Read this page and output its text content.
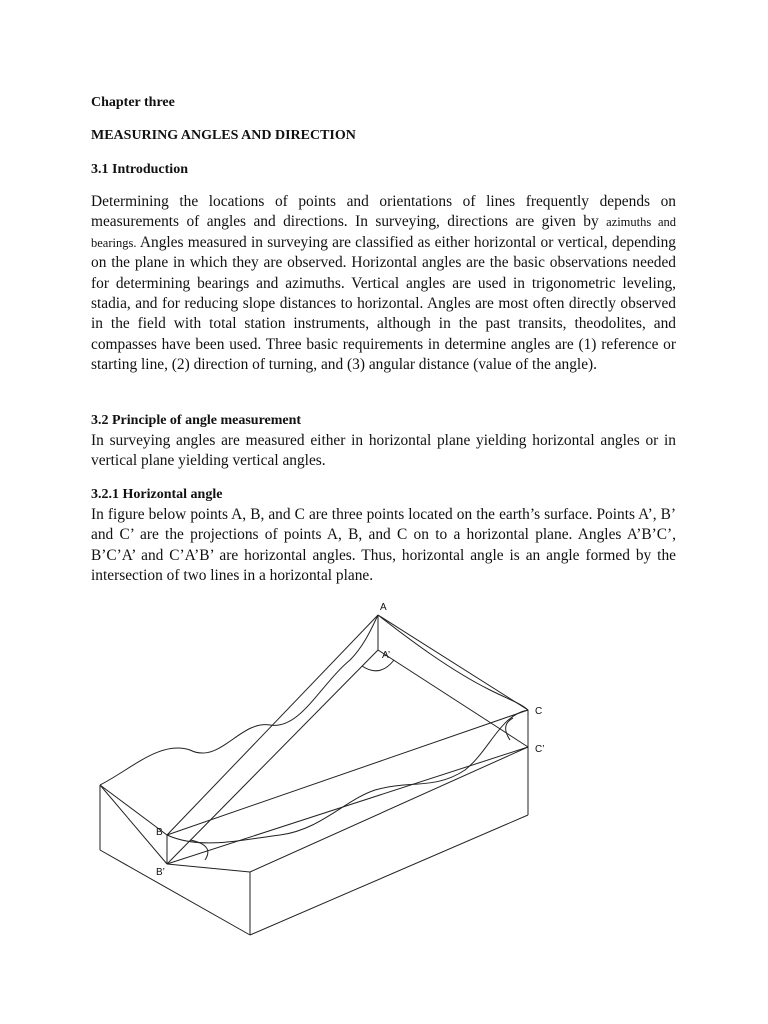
Chapter three

MEASURING ANGLES AND DIRECTION

3.1 Introduction

Determining the locations of points and orientations of lines frequently depends on measurements of angles and directions. In surveying, directions are given by azimuths and bearings. Angles measured in surveying are classified as either horizontal or vertical, depending on the plane in which they are observed. Horizontal angles are the basic observations needed for determining bearings and azimuths. Vertical angles are used in trigonometric leveling, stadia, and for reducing slope distances to horizontal. Angles are most often directly observed in the field with total station instruments, although in the past transits, theodolites, and compasses have been used. Three basic requirements in determine angles are (1) reference or starting line, (2) direction of turning, and (3) angular distance (value of the angle).

3.2 Principle of angle measurement

In surveying angles are measured either in horizontal plane yielding horizontal angles or in vertical plane yielding vertical angles.

3.2.1 Horizontal angle

In figure below points A, B, and C are three points located on the earth’s surface. Points A’, B’ and C’ are the projections of points A, B, and C on to a horizontal plane. Angles A’B’C’, B’C’A’ and C’A’B’ are horizontal angles. Thus, horizontal angle is an angle formed by the intersection of two lines in a horizontal plane.

A
A’
B
B’
C
C’
